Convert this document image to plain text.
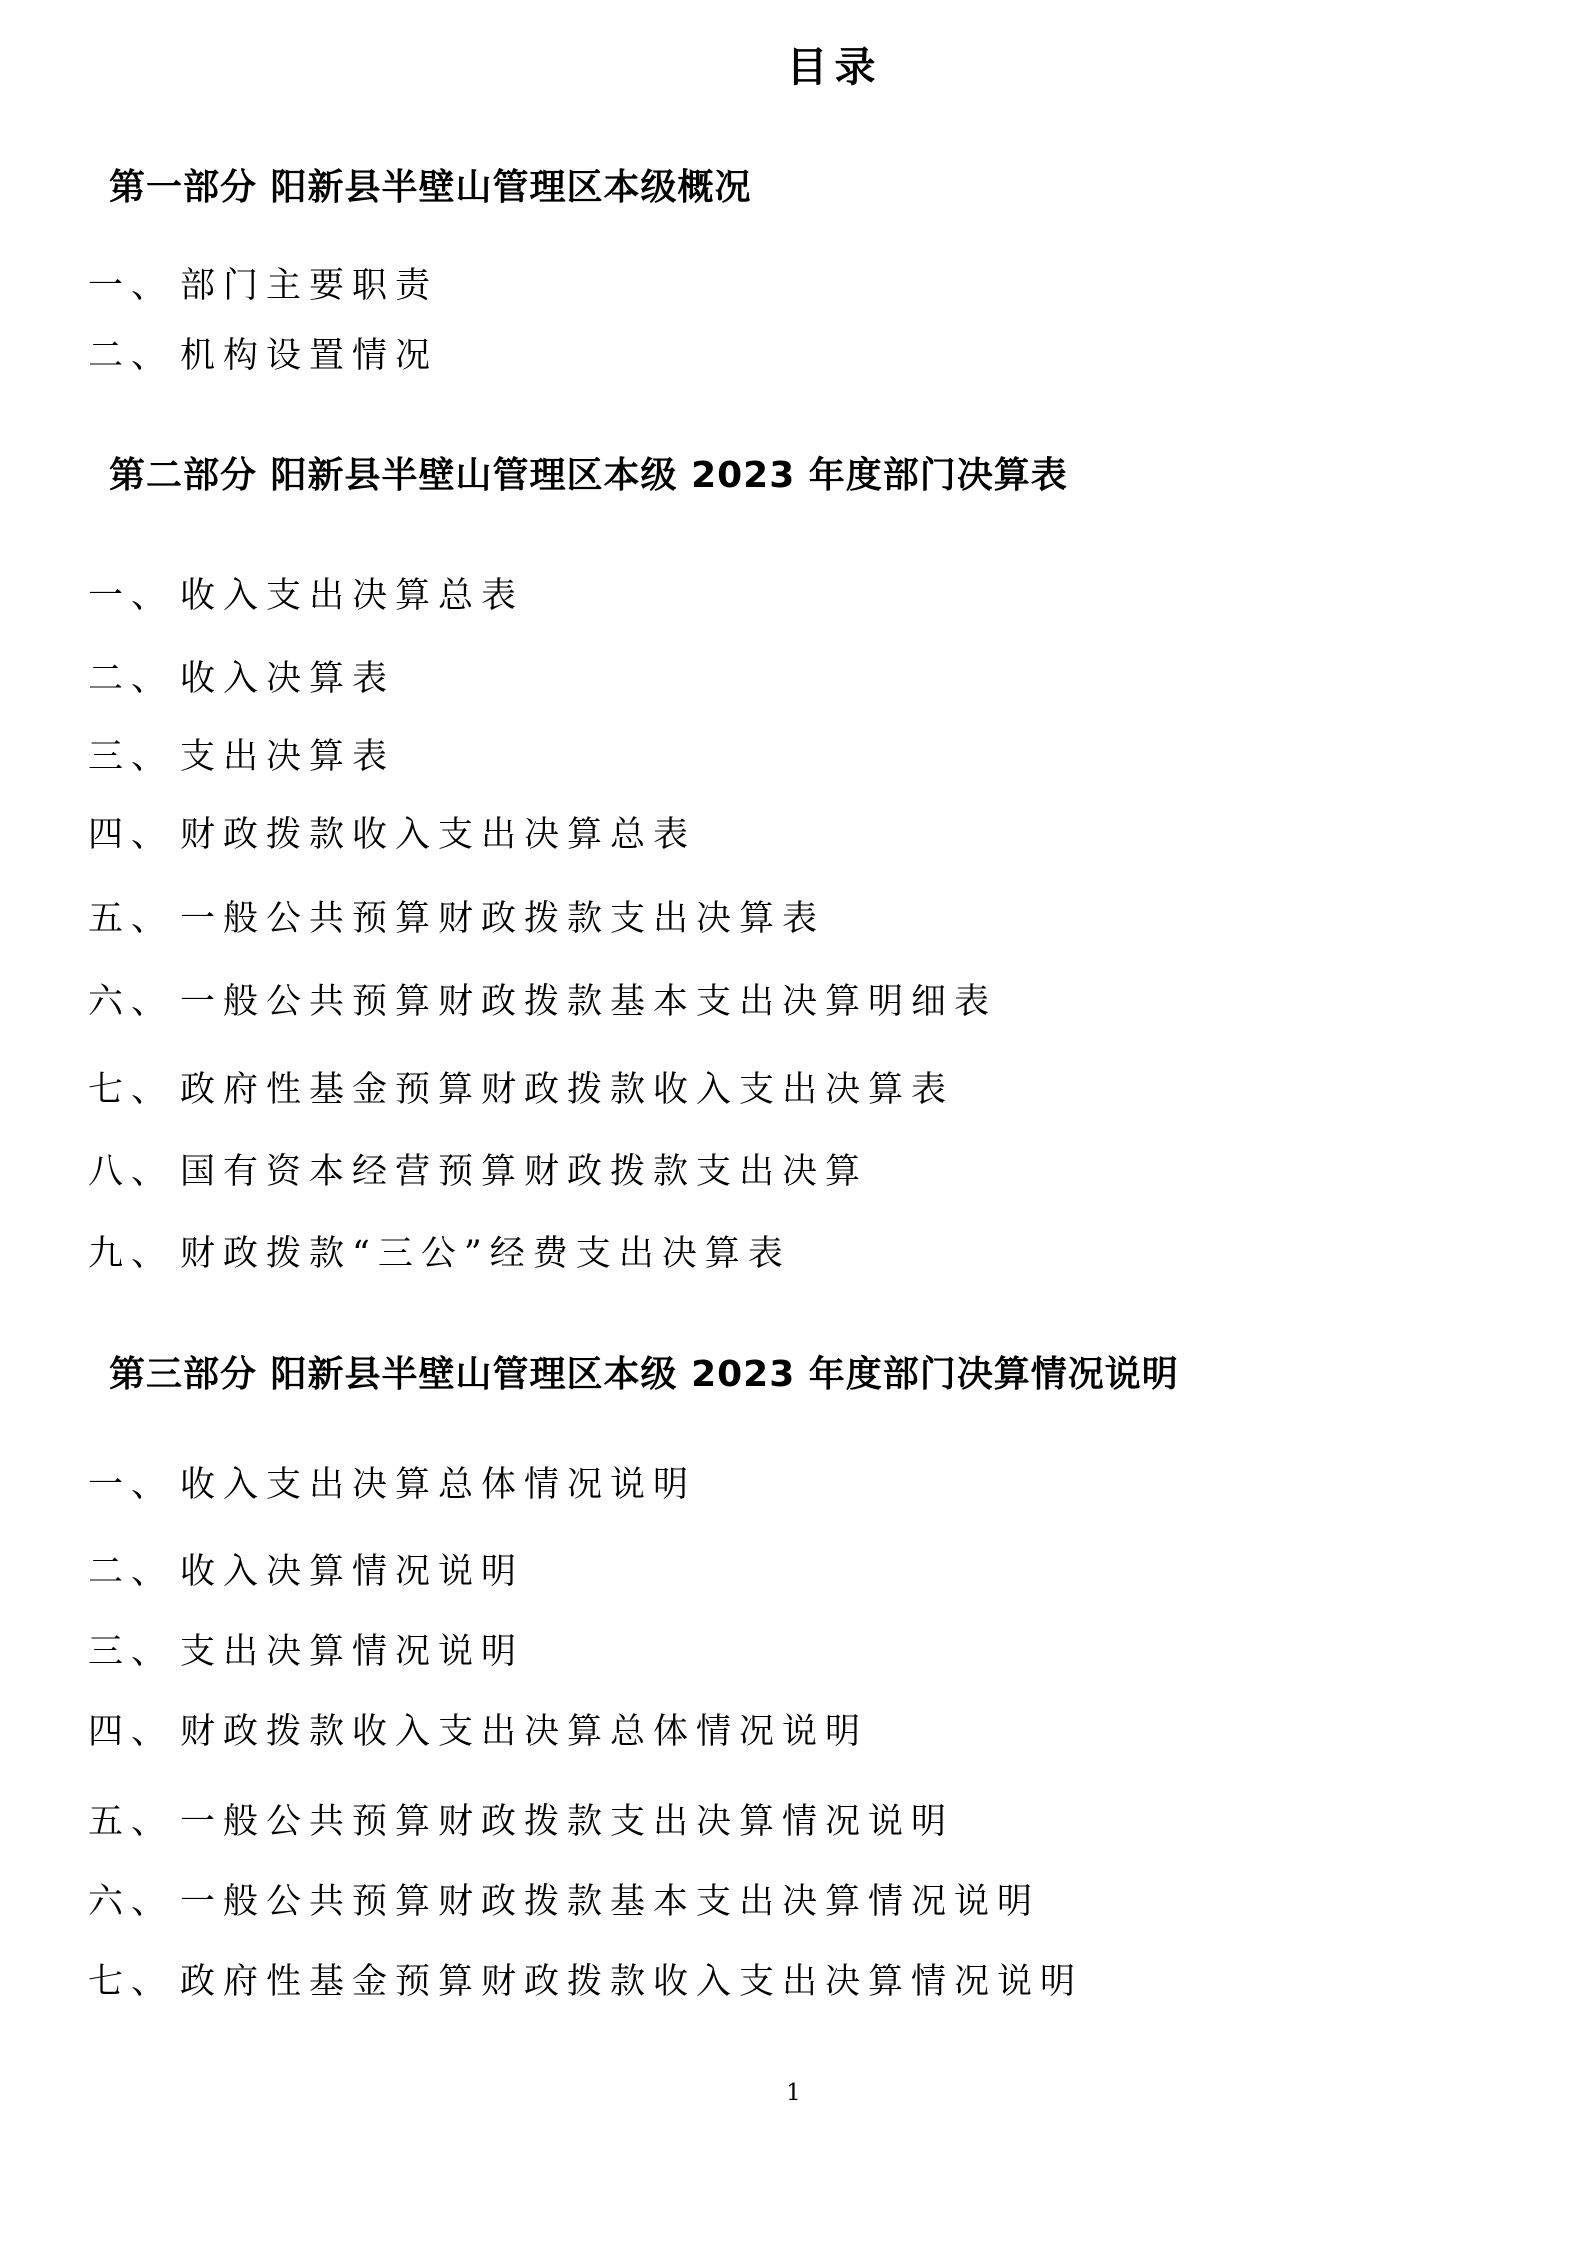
目录
第一部分 阳新县半壁山管理区本级概况
一、 部门主要职责
二、 机构设置情况
第二部分 阳新县半壁山管理区本级 2023 年度部门决算表
一、 收入支出决算总表
二、 收入决算表
三、 支出决算表
四、 财政拨款收入支出决算总表
五、 一般公共预算财政拨款支出决算表
六、 一般公共预算财政拨款基本支出决算明细表
七、 政府性基金预算财政拨款收入支出决算表
八、 国有资本经营预算财政拨款支出决算
九、 财政拨款“三公”经费支出决算表
第三部分 阳新县半壁山管理区本级 2023 年度部门决算情况说明
一、 收入支出决算总体情况说明
二、 收入决算情况说明
三、 支出决算情况说明
四、 财政拨款收入支出决算总体情况说明
五、 一般公共预算财政拨款支出决算情况说明
六、 一般公共预算财政拨款基本支出决算情况说明
七、 政府性基金预算财政拨款收入支出决算情况说明
1
